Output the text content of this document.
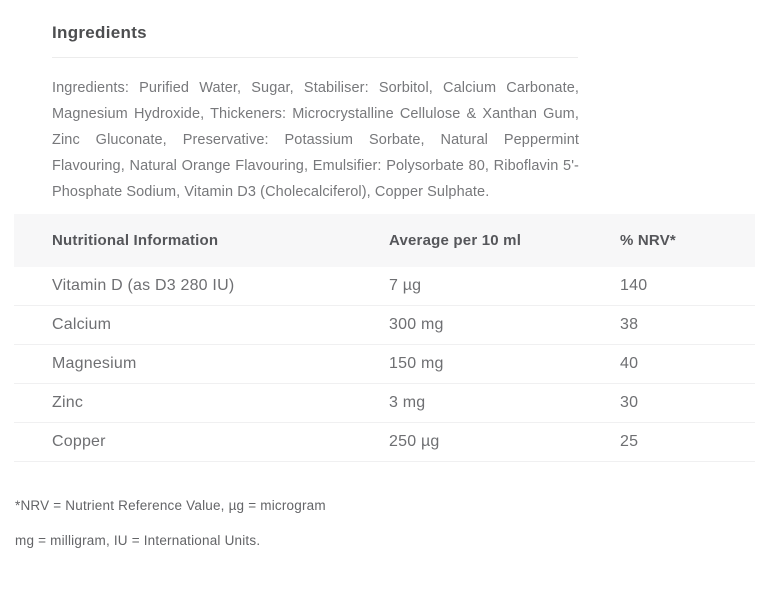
Ingredients

Ingredients: Purified Water, Sugar, Stabiliser: Sorbitol, Calcium Carbonate, Magnesium Hydroxide, Thickeners: Microcrystalline Cellulose & Xanthan Gum, Zinc Gluconate, Preservative: Potassium Sorbate, Natural Peppermint Flavouring, Natural Orange Flavouring, Emulsifier: Polysorbate 80, Riboflavin 5'- Phosphate Sodium, Vitamin D3 (Cholecalciferol), Copper Sulphate.

Nutritional Information	Average per 10 ml	% NRV*
Vitamin D (as D3 280 IU)	7 µg	140
Calcium	300 mg	38
Magnesium	150 mg	40
Zinc	3 mg	30
Copper	250 µg	25

*NRV = Nutrient Reference Value, µg = microgram

mg = milligram, IU = International Units.
